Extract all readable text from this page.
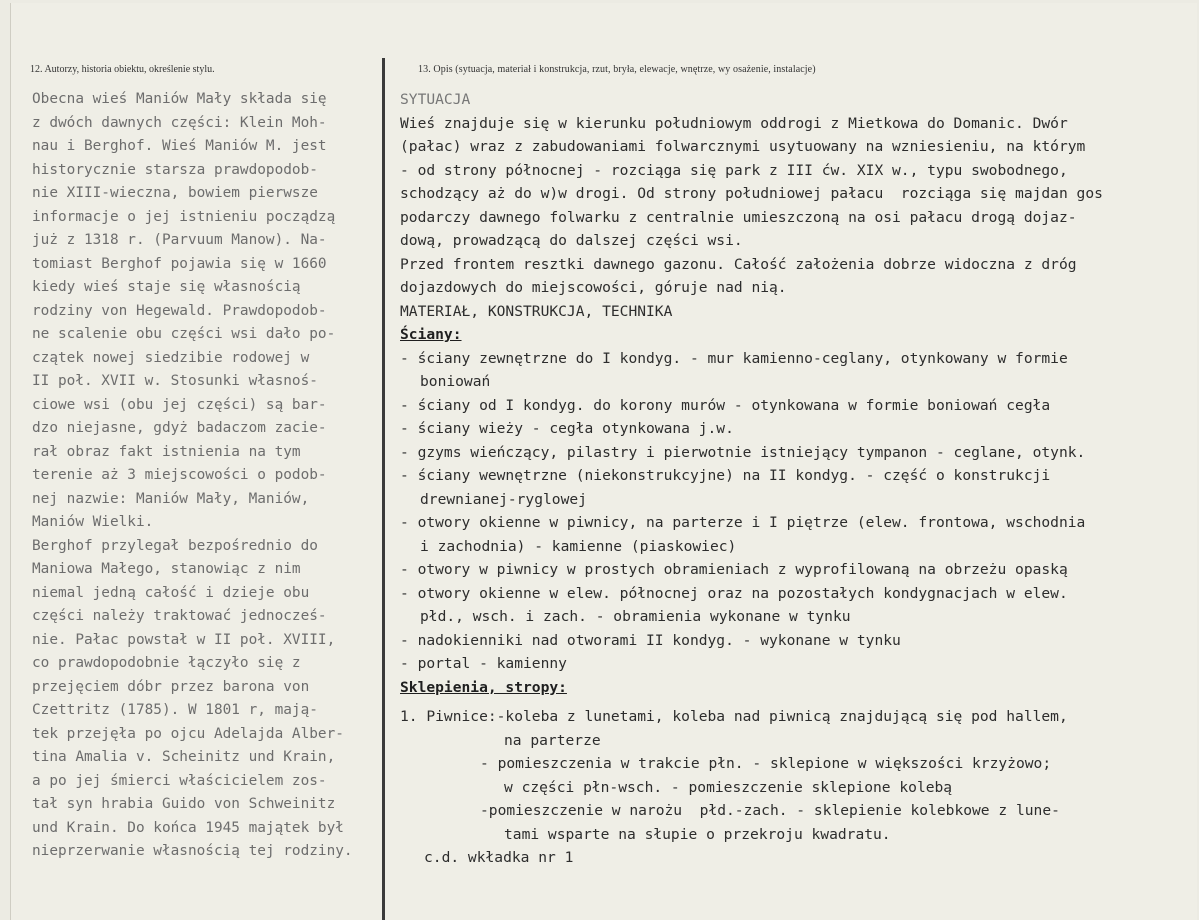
12. Autorzy, historia obiektu, określenie stylu.	13. Opis (sytuacja, materiał i konstrukcja, rzut, bryła, elewacje, wnętrze, wy osażenie, instalacje)
Obecna wieś Maniów Mały składa się
z dwóch dawnych części: Klein Moh-
nau i Berghof. Wieś Maniów M. jest
historycznie starsza prawdopodob-
nie XIII-wieczna, bowiem pierwsze
informacje o jej istnieniu począdzą
już z 1318 r. (Parvuum Manow). Na-
tomiast Berghof pojawia się w 1660
kiedy wieś staje się własnością
rodziny von Hegewald. Prawdopodob-
ne scalenie obu części wsi dało po-
czątek nowej siedzibie rodowej w
II poł. XVII w. Stosunki własnoś-
ciowe wsi (obu jej części) są bar-
dzo niejasne, gdyż badaczom zacie-
rał obraz fakt istnienia na tym
terenie aż 3 miejscowości o podob-
nej nazwie: Maniów Mały, Maniów,
Maniów Wielki.
Berghof przylegał bezpośrednio do
Maniowa Małego, stanowiąc z nim
niemal jedną całość i dzieje obu
części należy traktować jednocześ-
nie. Pałac powstał w II poł. XVIII,
co prawdopodobnie łączyło się z
przejęciem dóbr przez barona von
Czettritz (1785). W 1801 r, mają-
tek przejęła po ojcu Adelajda Alber-
tina Amalia v. Scheinitz und Krain,
a po jej śmierci właścicielem zos-
tał syn hrabia Guido von Schweinitz
und Krain. Do końca 1945 majątek był
nieprzerwanie własnością tej rodziny.
SYTUACJA
Wieś znajduje się w kierunku południowym oddrogi z Mietkowa do Domanic. Dwór
(pałac) wraz z zabudowaniami folwarcznymi usytuowany na wzniesieniu, na którym
- od strony północnej - rozciąga się park z III ćw. XIX w., typu swobodnego,
schodzący aż do w)w drogi. Od strony południowej pałacu  rozciąga się majdan gos
podarczy dawnego folwarku z centralnie umieszczoną na osi pałacu drogą dojaz-
dową, prowadzącą do dalszej części wsi.
Przed frontem resztki dawnego gazonu. Całość założenia dobrze widoczna z dróg
dojazdowych do miejscowości, góruje nad nią.
MATERIAŁ, KONSTRUKCJA, TECHNIKA
Ściany:
- ściany zewnętrzne do I kondyg. - mur kamienno-ceglany, otynkowany w formie
boniowań
- ściany od I kondyg. do korony murów - otynkowana w formie boniowań cegła
- ściany wieży - cegła otynkowana j.w.
- gzyms wieńczący, pilastry i pierwotnie istniejący tympanon - ceglane, otynk.
- ściany wewnętrzne (niekonstrukcyjne) na II kondyg. - część o konstrukcji
drewnianej-ryglowej
- otwory okienne w piwnicy, na parterze i I piętrze (elew. frontowa, wschodnia
i zachodnia) - kamienne (piaskowiec)
- otwory w piwnicy w prostych obramieniach z wyprofilowaną na obrzeżu opaską
- otwory okienne w elew. północnej oraz na pozostałych kondygnacjach w elew.
płd., wsch. i zach. - obramienia wykonane w tynku
- nadokienniki nad otworami II kondyg. - wykonane w tynku
- portal - kamienny
Sklepienia, stropy:
1. Piwnice:-koleba z lunetami, koleba nad piwnicą znajdującą się pod hallem,
na parterze
- pomieszczenia w trakcie płn. - sklepione w większości krzyżowo;
w części płn-wsch. - pomieszczenie sklepione kolebą
-pomieszczenie w narożu  płd.-zach. - sklepienie kolebkowe z lune-
tami wsparte na słupie o przekroju kwadratu.
c.d. wkładka nr 1
